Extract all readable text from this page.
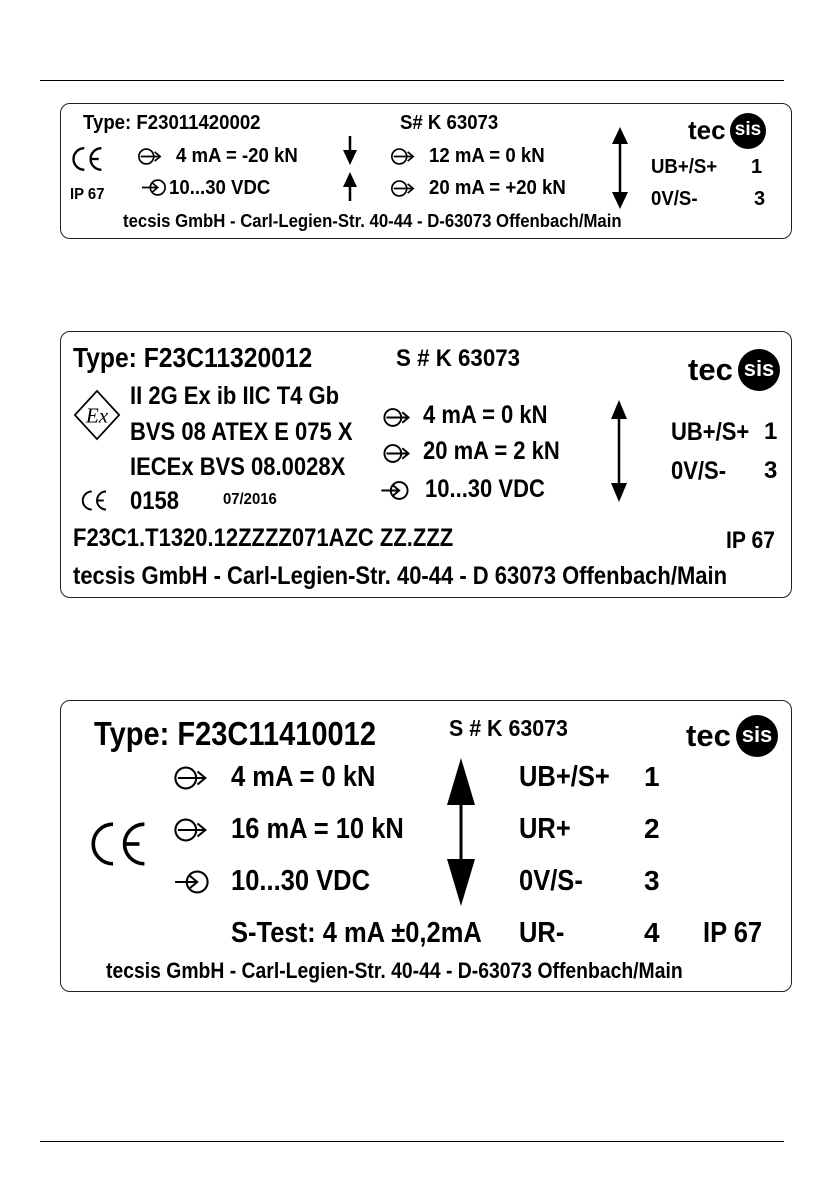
Type: F23011420002	S# K 63073	tec sis
IP 67
4 mA = -20 kN
10...30 VDC
12 mA = 0 kN
20 mA = +20 kN
UB+/S+ 1
0V/S-	3
tecsis GmbH - Carl-Legien-Str. 40-44 - D-63073 Offenbach/Main
Type: F23C11320012	S # K 63073	tec sis
Ex
II 2G Ex ib IIC T4 Gb
BVS 08 ATEX E 075 X
IECEx BVS 08.0028X
0158	07/2016
4 mA = 0 kN
20 mA = 2 kN
10...30 VDC
UB+/S+ 1
0V/S- 3
F23C1.T1320.12ZZZZ071AZC ZZ.ZZZ	IP 67
tecsis GmbH - Carl-Legien-Str. 40-44 - D 63073 Offenbach/Main
Type: F23C11410012	S # K 63073	tec sis
4 mA = 0 kN
16 mA = 10 kN
10...30 VDC
S-Test: 4 mA ±0,2mA
UB+/S+ 1
UR+	2
0V/S- 3
UR-	4 IP 67
tecsis GmbH - Carl-Legien-Str. 40-44 - D-63073 Offenbach/Main
